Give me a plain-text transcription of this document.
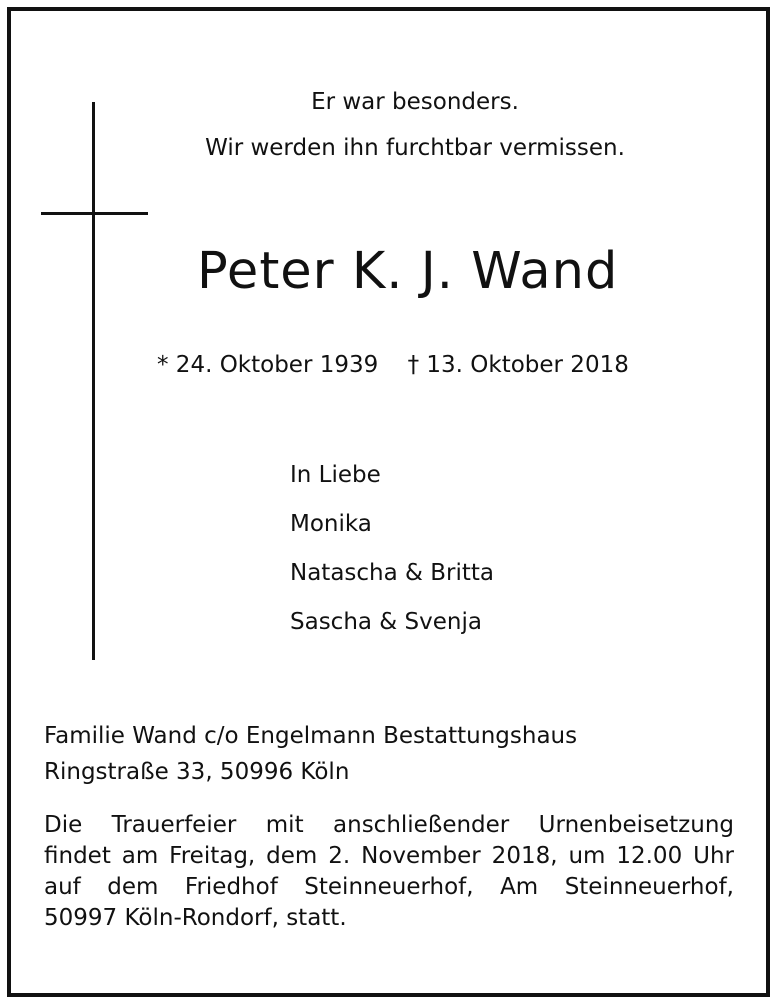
Er war besonders.
Wir werden ihn furchtbar vermissen.
Peter K. J. Wand
* 24. Oktober 1939 † 13. Oktober 2018
In Liebe
Monika
Natascha & Britta
Sascha & Svenja
Familie Wand c/o Engelmann Bestattungshaus
Ringstraße 33, 50996 Köln
Die Trauerfeier mit anschließender Urnenbeisetzung
findet am Freitag, dem 2. November 2018, um 12.00 Uhr
auf dem Friedhof Steinneuerhof, Am Steinneuerhof,
50997 Köln-Rondorf, statt.
